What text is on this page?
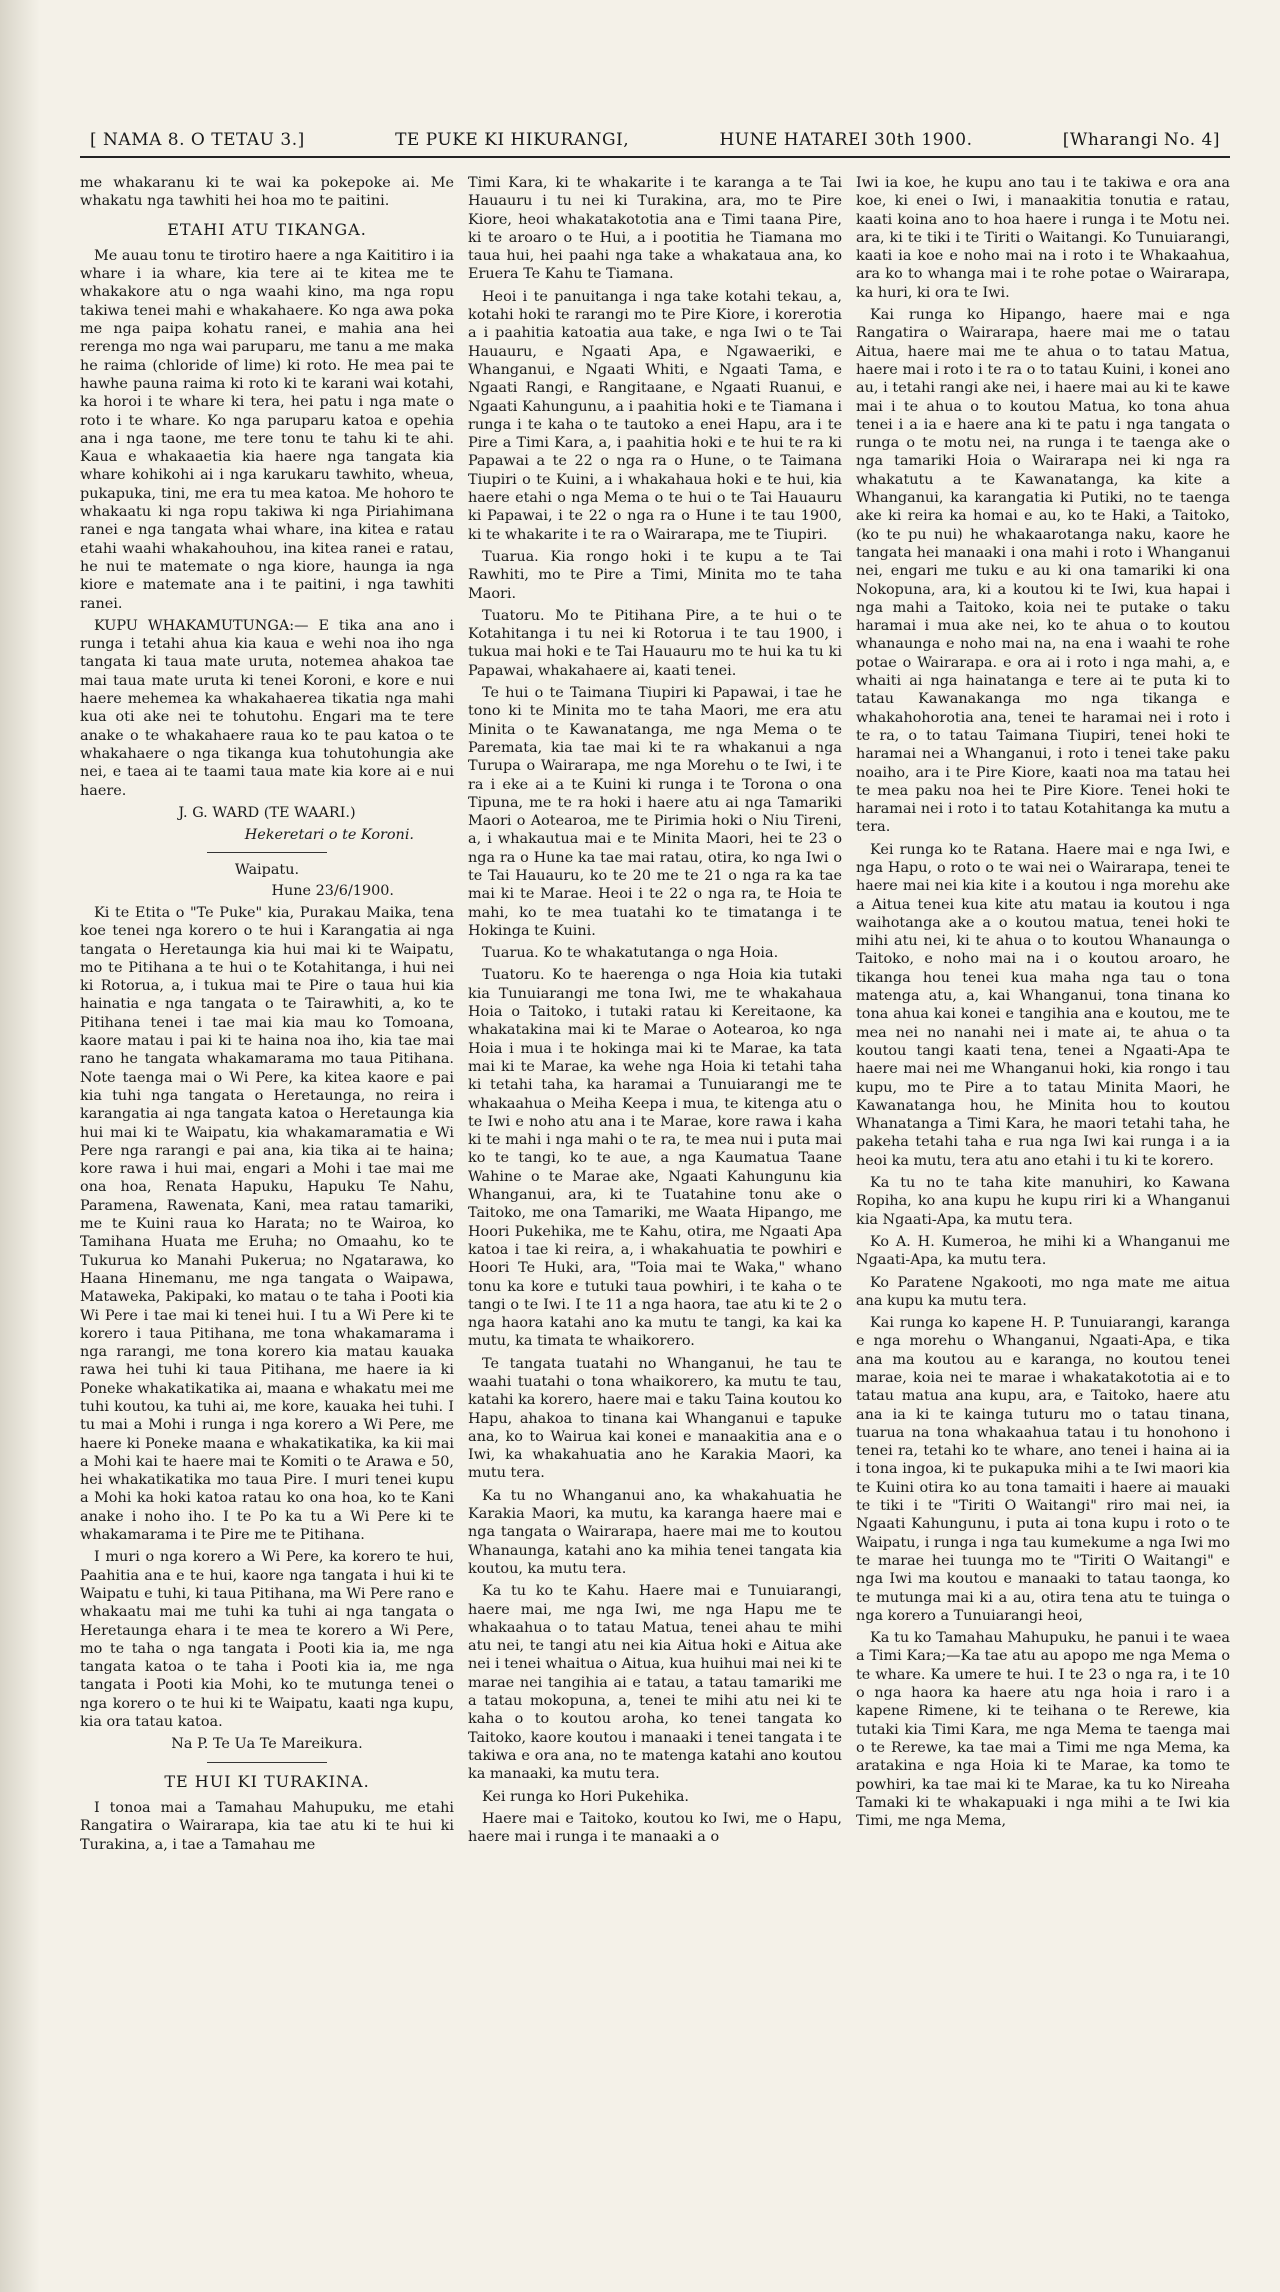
[ NAMA 8. O TETAU 3.]	TE PUKE KI HIKURANGI,	HUNE HATAREI 30th 1900.	[Wharangi No. 4]

me whakaranu ki te wai ka pokepoke ai. Me whakatu nga tawhiti hei hoa mo te paitini.

ETAHI ATU TIKANGA.

Me auau tonu te tirotiro haere a nga Kaititiro i ia whare i ia whare, kia tere ai te kitea me te whakakore atu o nga waahi kino, ma nga ropu takiwa tenei mahi e whakahaere. Ko nga awa poka me nga paipa kohatu ranei, e mahia ana hei rerenga mo nga wai paruparu, me tanu a me maka he raima (chloride of lime) ki roto. He mea pai te hawhe pauna raima ki roto ki te karani wai kotahi, ka horoi i te whare ki tera, hei patu i nga mate o roto i te whare. Ko nga paruparu katoa e opehia ana i nga taone, me tere tonu te tahu ki te ahi. Kaua e whakaaetia kia haere nga tangata kia whare kohikohi ai i nga karukaru tawhito, wheua, pukapuka, tini, me era tu mea katoa. Me hohoro te whakaatu ki nga ropu takiwa ki nga Piriahimana ranei e nga tangata whai whare, ina kitea e ratau etahi waahi whakahouhou, ina kitea ranei e ratau, he nui te matemate o nga kiore, haunga ia nga kiore e matemate ana i te paitini, i nga tawhiti ranei.

KUPU WHAKAMUTUNGA:— E tika ana ano i runga i tetahi ahua kia kaua e wehi noa iho nga tangata ki taua mate uruta, notemea ahakoa tae mai taua mate uruta ki tenei Koroni, e kore e nui haere mehemea ka whakahaerea tikatia nga mahi kua oti ake nei te tohutohu. Engari ma te tere anake o te whakahaere raua ko te pau katoa o te whakahaere o nga tikanga kua tohutohungia ake nei, e taea ai te taami taua mate kia kore ai e nui haere.

J. G. WARD (TE WAARI.)
Hekeretari o te Koroni.
Waipatu.
Hune 23/6/1900.

Ki te Etita o "Te Puke" kia, Purakau Maika, tena koe tenei nga korero o te hui i Karangatia ai nga tangata o Heretaunga kia hui mai ki te Waipatu, mo te Pitihana a te hui o te Kotahitanga, i hui nei ki Rotorua, a, i tukua mai te Pire o taua hui kia hainatia e nga tangata o te Tairawhiti, a, ko te Pitihana tenei i tae mai kia mau ko Tomoana, kaore matau i pai ki te haina noa iho, kia tae mai rano he tangata whakamarama mo taua Pitihana. Note taenga mai o Wi Pere, ka kitea kaore e pai kia tuhi nga tangata o Heretaunga, no reira i karangatia ai nga tangata katoa o Heretaunga kia hui mai ki te Waipatu, kia whakamaramatia e Wi Pere nga rarangi e pai ana, kia tika ai te haina; kore rawa i hui mai, engari a Mohi i tae mai me ona hoa, Renata Hapuku, Hapuku Te Nahu, Paramena, Rawenata, Kani, mea ratau tamariki, me te Kuini raua ko Harata; no te Wairoa, ko Tamihana Huata me Eruha; no Omaahu, ko te Tukuruа ko Manahi Pukerua; no Ngatarawa, ko Haana Hinemanu, me nga tangata o Waipawa, Mataweka, Pakipaki, ko matau o te taha i Pooti kia Wi Pere i tae mai ki tenei hui. I tu a Wi Pere ki te korero i taua Pitihana, me tona whakamarama i nga rarangi, me tona korero kia matau kauaka rawa hei tuhi ki taua Pitihana, me haere ia ki Poneke whakatikatika ai, maana e whakatu mei me tuhi koutou, ka tuhi ai, me kore, kauaka hei tuhi. I tu mai a Mohi i runga i nga korero a Wi Pere, me haere ki Poneke maana e whakatikatika, ka kii mai a Mohi kai te haere mai te Komiti o te Arawa e 50, hei whakatikatika mo taua Pire. I muri tenei kupu a Mohi ka hoki katoa ratau ko ona hoa, ko te Kani anake i noho iho. I te Po ka tu a Wi Pere ki te whakamarama i te Pire me te Pitihana.

I muri o nga korero a Wi Pere, ka korero te hui, Paahitia ana e te hui, kaore nga tangata i hui ki te Waipatu e tuhi, ki taua Pitihana, ma Wi Pere rano e whakaatu mai me tuhi ka tuhi ai nga tangata o Heretaunga ehara i te mea te korero a Wi Pere, mo te taha o nga tangata i Pooti kia ia, me nga tangata katoa o te taha i Pooti kia ia, me nga tangata i Pooti kia Mohi, ko te mutunga tenei o nga korero o te hui ki te Waipatu, kaati nga kupu, kia ora tatau katoa.

Na P. Te Ua Te Mareikura.
TE HUI KI TURAKINA.

I tonoa mai a Tamahau Mahupuku, me etahi Rangatira o Wairarapa, kia tae atu ki te hui ki Turakina, a, i tae a Tamahau me

Timi Kara, ki te whakarite i te karanga a te Tai Hauauru i tu nei ki Turakina, ara, mo te Pire Kiore, heoi whakatakototia ana e Timi taana Pire, ki te aroaro o te Hui, a i pootitia he Tiamana mo taua hui, hei paahi nga take a whakataua ana, ko Eruera Te Kahu te Tiamana.

Heoi i te panuitanga i nga take kotahi tekau, a, kotahi hoki te rarangi mo te Pire Kiore, i korerotia a i paahitia katoatia aua take, e nga Iwi o te Tai Hauauru, e Ngaati Apa, e Ngawaeriki, e Whanganui, e Ngaati Whiti, e Ngaati Tama, e Ngaati Rangi, e Rangitaane, e Ngaati Ruanui, e Ngaati Kahungunu, a i paahitia hoki e te Tiamana i runga i te kaha o te tautoko a enei Hapu, ara i te Pire a Timi Kara, a, i paahitia hoki e te hui te ra ki Papawai a te 22 o nga ra o Hune, o te Taimana Tiupiri o te Kuini, a i whakahaua hoki e te hui, kia haere etahi o nga Mema o te hui o te Tai Hauauru ki Papawai, i te 22 o nga ra o Hune i te tau 1900, ki te whakarite i te ra o Wairarapa, me te Tiupiri.

Tuarua. Kia rongo hoki i te kupu a te Tai Rawhiti, mo te Pire a Timi, Minita mo te taha Maori.

Tuatoru. Mo te Pitihana Pire, a te hui o te Kotahitanga i tu nei ki Rotorua i te tau 1900, i tukua mai hoki e te Tai Hauauru mo te hui ka tu ki Papawai, whakahaere ai, kaati tenei.

Te hui o te Taimana Tiupiri ki Papawai, i tae he tono ki te Minita mo te taha Maori, me era atu Minita o te Kawanatanga, me nga Mema o te Paremata, kia tae mai ki te ra whakanui a nga Turupa o Wairarapa, me nga Morehu o te Iwi, i te ra i eke ai a te Kuini ki runga i te Torona o ona Tipuna, me te ra hoki i haere atu ai nga Tamariki Maori o Aotearoa, me te Pirimia hoki o Niu Tireni, a, i whakautua mai e te Minita Maori, hei te 23 o nga ra o Hune ka tae mai ratau, otira, ko nga Iwi o te Tai Hauauru, ko te 20 me te 21 o nga ra ka tae mai ki te Marae. Heoi i te 22 o nga ra, te Hoia te mahi, ko te mea tuatahi ko te timatanga i te Hokinga te Kuini.

Tuarua. Ko te whakatutanga o nga Hoia.

Tuatoru. Ko te haerenga o nga Hoia kia tutaki kia Tunuiarangi me tona Iwi, me te whakahaua Hoia o Taitoko, i tutaki ratau ki Kereitaone, ka whakatakina mai ki te Marae o Aotearoa, ko nga Hoia i mua i te hokinga mai ki te Marae, ka tata mai ki te Marae, ka wehe nga Hoia ki tetahi taha ki tetahi taha, ka haramai a Tunuiarangi me te whakaahua o Meiha Keepa i mua, te kitenga atu o te Iwi e noho atu ana i te Marae, kore rawa i kaha ki te mahi i nga mahi o te ra, te mea nui i puta mai ko te tangi, ko te aue, a nga Kaumatua Taane Wahine o te Marae ake, Ngaati Kahungunu kia Whanganui, ara, ki te Tuatahine tonu ake o Taitoko, me ona Tamariki, me Waata Hipango, me Hoori Pukehika, me te Kahu, otira, me Ngaati Apa katoa i tae ki reira, a, i whakahuatia te powhiri e Hoori Te Huki, ara, "Toia mai te Waka," whano tonu ka kore e tutuki taua powhiri, i te kaha o te tangi o te Iwi. I te 11 a nga haora, tae atu ki te 2 o nga haora katahi ano ka mutu te tangi, ka kai ka mutu, ka timata te whaikorero.

Te tangata tuatahi no Whanganui, he tau te waahi tuatahi o tona whaikorero, ka mutu te tau, katahi ka korero, haere mai e taku Taina koutou ko Hapu, ahakoa to tinana kai Whanganui e tapuke ana, ko to Wairua kai konei e manaakitia ana e o Iwi, ka whakahuatia ano he Karakia Maori, ka mutu tera.

Ka tu no Whanganui ano, ka whakahuatia he Karakia Maori, ka mutu, ka karanga haere mai e nga tangata o Wairarapa, haere mai me to koutou Whanaunga, katahi ano ka mihia tenei tangata kia koutou, ka mutu tera.

Ka tu ko te Kahu. Haere mai e Tunuiarangi, haere mai, me nga Iwi, me nga Hapu me te whakaahua o to tatau Matua, tenei ahau te mihi atu nei, te tangi atu nei kia Aitua hoki e Aitua ake nei i tenei whaitua o Aitua, kua huihui mai nei ki te marae nei tangihia ai e tatau, a tatau tamariki me a tatau mokopuna, a, tenei te mihi atu nei ki te kaha o to koutou aroha, ko tenei tangata ko Taitoko, kaore koutou i manaaki i tenei tangata i te takiwa e ora ana, no te matenga katahi ano koutou ka manaaki, ka mutu tera.

Kei runga ko Hori Pukehika.

Haere mai e Taitoko, koutou ko Iwi, me o Hapu, haere mai i runga i te manaaki a o

Iwi ia koe, he kupu ano tau i te takiwa e ora ana koe, ki enei o Iwi, i manaakitia tonutia e ratau, kaati koina ano to hoa haere i runga i te Motu nei. ara, ki te tiki i te Tiriti o Waitangi. Ko Tunuiarangi, kaati ia koe e noho mai na i roto i te Whakaahua, ara ko to whanga mai i te rohe potae o Wairarapa, ka huri, ki ora te Iwi.

Kai runga ko Hipango, haere mai e nga Rangatira o Wairarapa, haere mai me o tatau Aitua, haere mai me te ahua o to tatau Matua, haere mai i roto i te ra o to tatau Kuini, i konei ano au, i tetahi rangi ake nei, i haere mai au ki te kawe mai i te ahua o to koutou Matua, ko tona ahua tenei i a ia e haere ana ki te patu i nga tangata o runga o te motu nei, na runga i te taenga ake o nga tamariki Hoia o Wairarapa nei ki nga ra whakatutu a te Kawanatanga, ka kite a Whanganui, ka karangatia ki Putiki, no te taenga ake ki reira ka homai e au, ko te Haki, a Taitoko, (ko te pu nui) he whakaarotanga naku, kaore he tangata hei manaaki i ona mahi i roto i Whanganui nei, engari me tuku e au ki ona tamariki ki ona Nokopuna, ara, ki a koutou ki te Iwi, kua hapai i nga mahi a Taitoko, koia nei te putake o taku haramai i mua ake nei, ko te ahua o to koutou whanaunga e noho mai na, na ena i waahi te rohe potae o Wairarapa. e ora ai i roto i nga mahi, a, e whaiti ai nga hainatanga e tere ai te puta ki to tatau Kawanakanga mo nga tikanga e whakahohorotia ana, tenei te haramai nei i roto i te ra, o to tatau Taimana Tiupiri, tenei hoki te haramai nei a Whanganui, i roto i tenei take paku noaiho, ara i te Pire Kiore, kaati noa ma tatau hei te mea paku noa hei te Pire Kiore. Tenei hoki te haramai nei i roto i to tatau Kotahitanga ka mutu a tera.

Kei runga ko te Ratana. Haere mai e nga Iwi, e nga Hapu, o roto o te wai nei o Wairarapa, tenei te haere mai nei kia kite i a koutou i nga morehu ake a Aitua tenei kua kite atu matau ia koutou i nga waihotanga ake a o koutou matua, tenei hoki te mihi atu nei, ki te ahua o to koutou Whanaunga o Taitoko, e noho mai na i o koutou aroaro, he tikanga hou tenei kua maha nga tau o tona matenga atu, a, kai Whanganui, tona tinana ko tona ahua kai konei e tangihia ana e koutou, me te mea nei no nanahi nei i mate ai, te ahua o ta koutou tangi kaati tena, tenei a Ngaati-Apa te haere mai nei me Whanganui hoki, kia rongo i tau kupu, mo te Pire a to tatau Minita Maori, he Kawanatanga hou, he Minita hou to koutou Whanatanga a Timi Kara, he maori tetahi taha, he pakeha tetahi taha e rua nga Iwi kai runga i a ia heoi ka mutu, tera atu ano etahi i tu ki te korero.

Ka tu no te taha kite manuhiri, ko Kawana Ropiha, ko ana kupu he kupu riri ki a Whanganui kia Ngaati-Apa, ka mutu tera.

Ko A. H. Kumeroa, he mihi ki a Whanganui me Ngaati-Apa, ka mutu tera.

Ko Paratene Ngakooti, mo nga mate me aitua ana kupu ka mutu tera.

Kai runga ko kapene H. P. Tunuiarangi, karanga e nga morehu o Whanganui, Ngaati-Apa, e tika ana ma koutou au e karanga, no koutou tenei marae, koia nei te marae i whakatakototia ai e to tatau matua ana kupu, ara, e Taitoko, haere atu ana ia ki te kainga tuturu mo o tatau tinana, tuarua na tona whakaahua tatau i tu honohono i tenei ra, tetahi ko te whare, ano tenei i haina ai ia i tona ingoa, ki te pukapuka mihi a te Iwi maori kia te Kuini otira ko au tona tamaiti i haere ai mauaki te tiki i te "Tiriti O Waitangi" riro mai nei, ia Ngaati Kahungunu, i puta ai tona kupu i roto o te Waipatu, i runga i nga tau kumekume a nga Iwi mo te marae hei tuunga mo te "Tiriti O Waitangi" e nga Iwi ma koutou e manaaki to tatau taonga, ko te mutunga mai ki a au, otira tena atu te tuinga o nga korero a Tunuiarangi heoi,

Ka tu ko Tamahau Mahupuku, he panui i te waea a Timi Kara;—Ka tae atu au apopo me nga Mema o te whare. Ka umere te hui. I te 23 o nga ra, i te 10 o nga haora ka haere atu nga hoia i raro i a kapene Rimene, ki te teihana o te Rerewe, kia tutaki kia Timi Kara, me nga Mema te taenga mai o te Rerewe, ka tae mai a Timi me nga Mema, ka aratakina e nga Hoia ki te Marae, ka tomo te powhiri, ka tae mai ki te Marae, ka tu ko Nireaha Tamaki ki te whakapuaki i nga mihi a te Iwi kia Timi, me nga Mema,
